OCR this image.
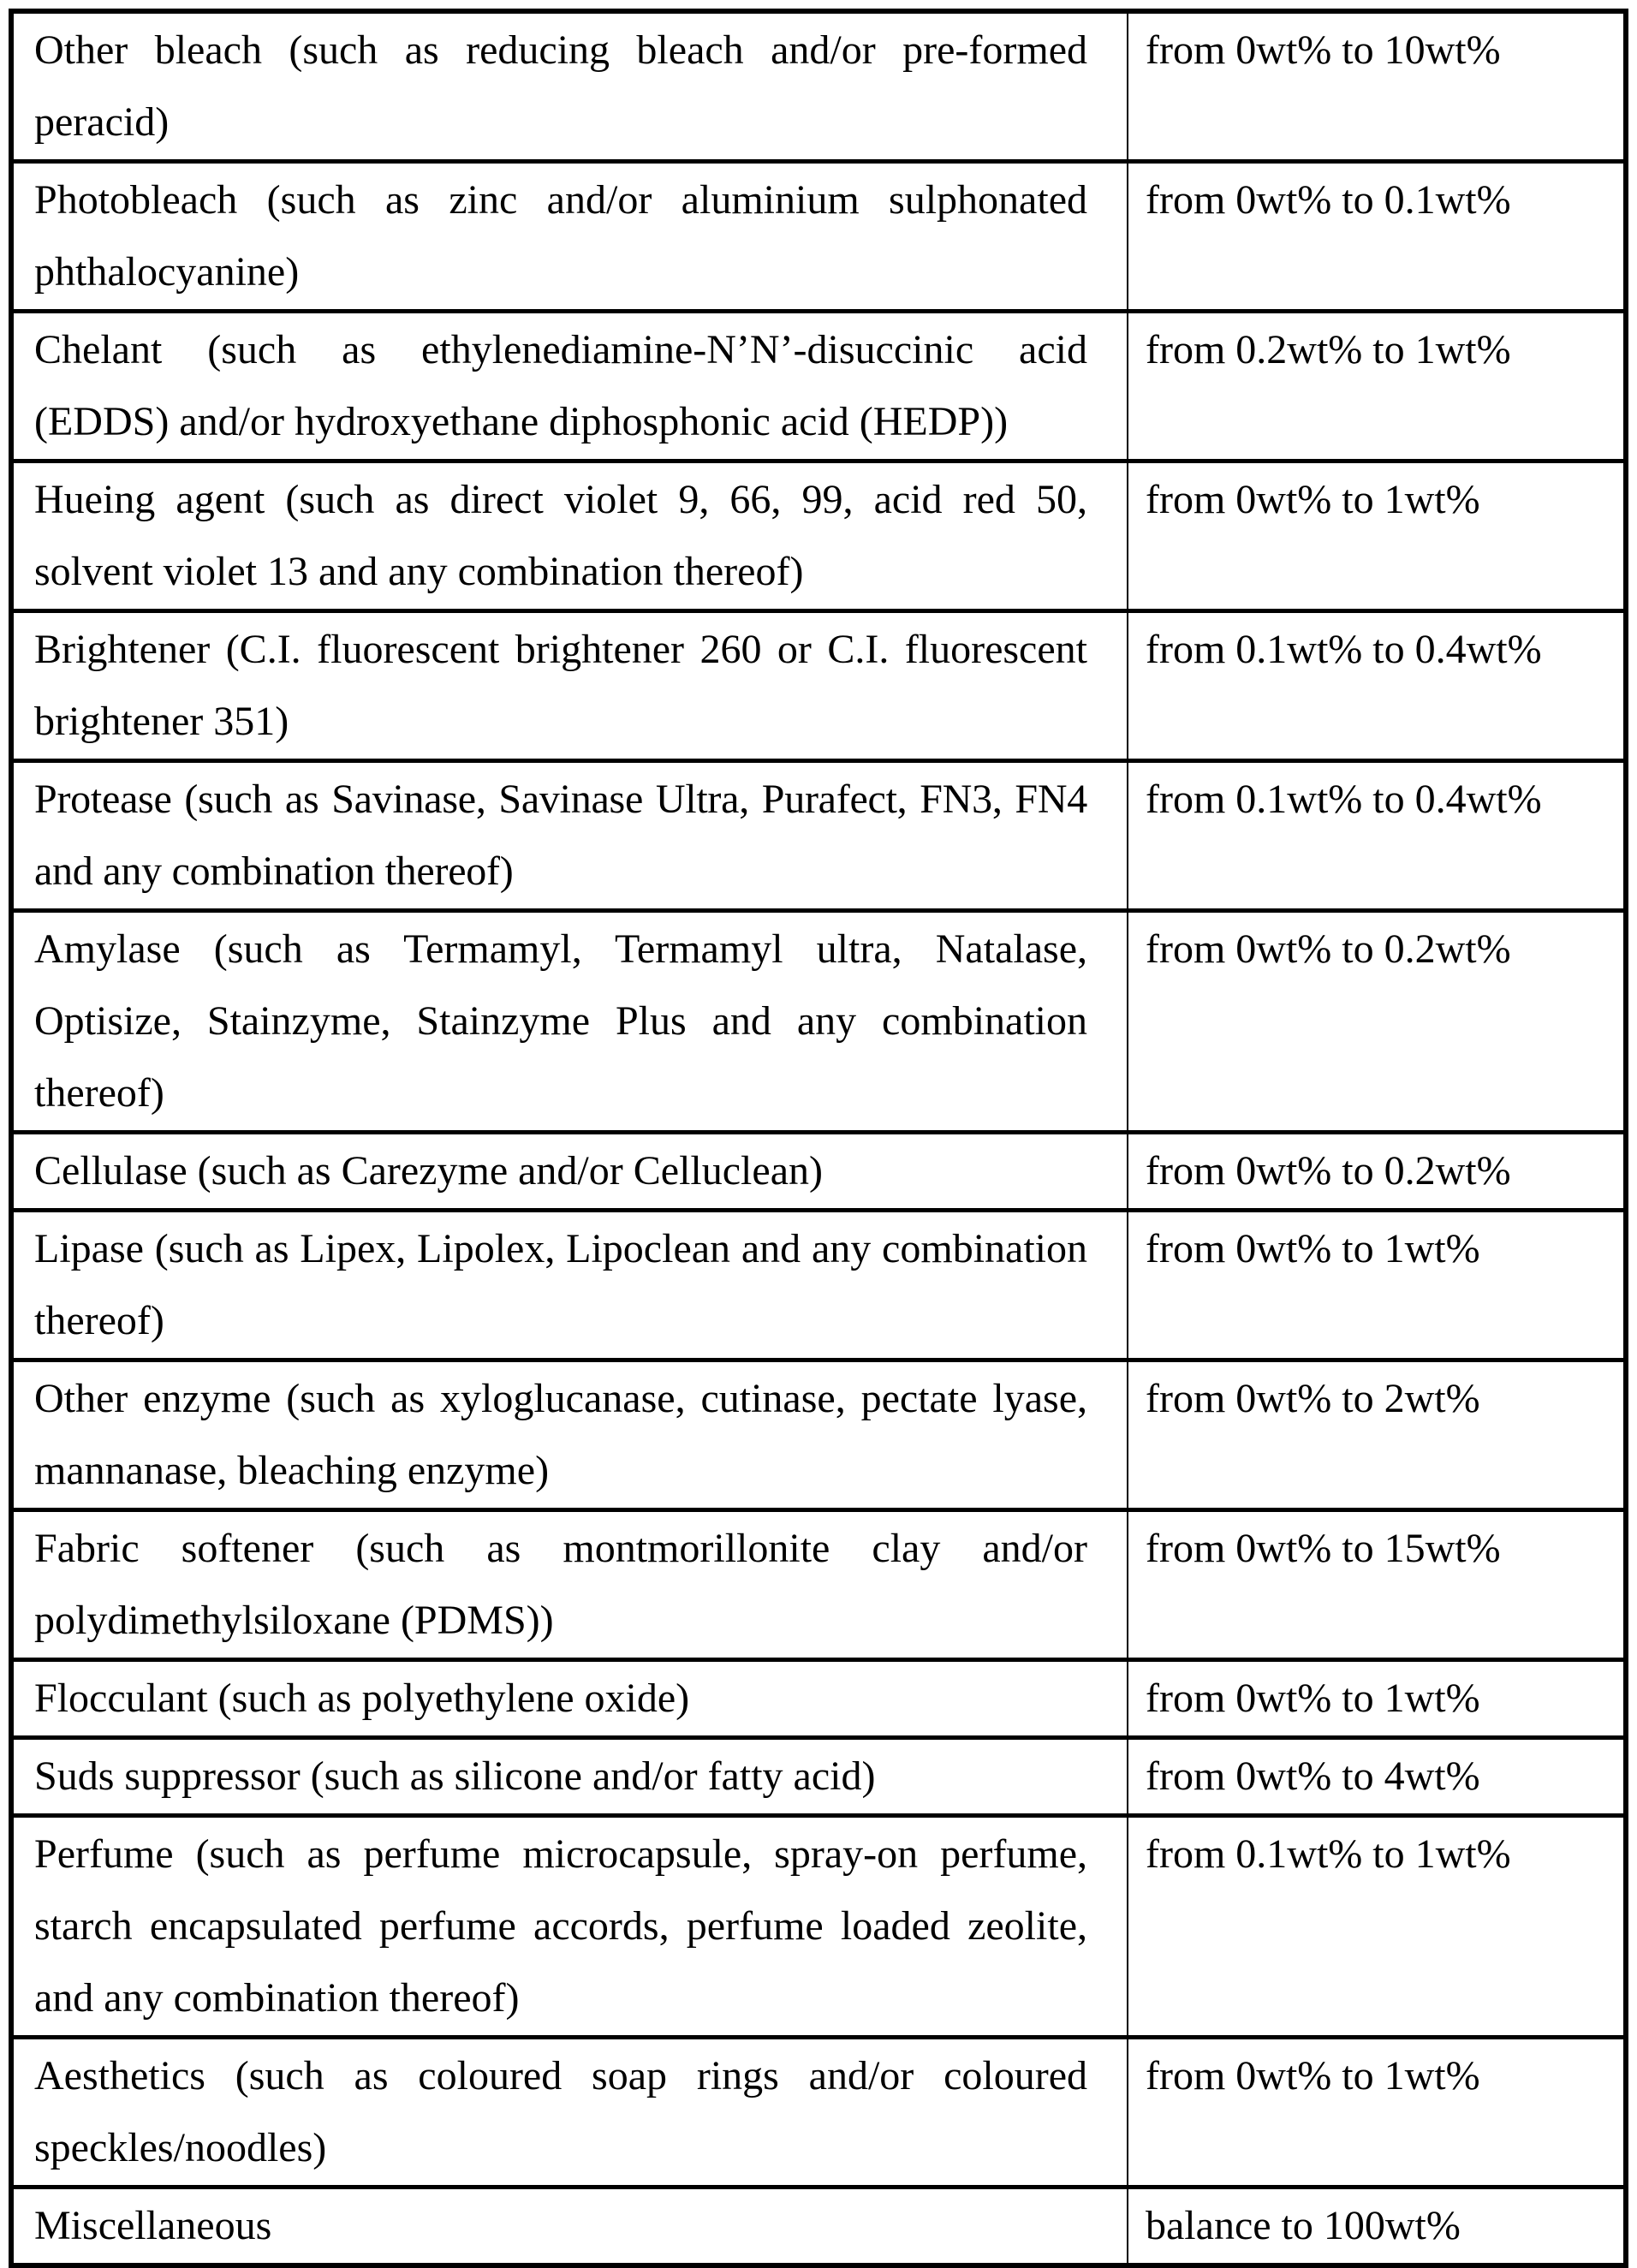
Other bleach (such as reducing bleach and/or pre-formed peracid)	from 0wt% to 10wt%
Photobleach (such as zinc and/or aluminium sulphonated phthalocyanine)	from 0wt% to 0.1wt%
Chelant (such as ethylenediamine-N’N’-disuccinic acid (EDDS) and/or hydroxyethane diphosphonic acid (HEDP))	from 0.2wt% to 1wt%
Hueing agent (such as direct violet 9, 66, 99, acid red 50, solvent violet 13 and any combination thereof)	from 0wt% to 1wt%
Brightener (C.I. fluorescent brightener 260 or C.I. fluorescent brightener 351)	from 0.1wt% to 0.4wt%
Protease (such as Savinase, Savinase Ultra, Purafect, FN3, FN4 and any combination thereof)	from 0.1wt% to 0.4wt%
Amylase (such as Termamyl, Termamyl ultra, Natalase, Optisize, Stainzyme, Stainzyme Plus and any combination thereof)	from 0wt% to 0.2wt%
Cellulase (such as Carezyme and/or Celluclean)	from 0wt% to 0.2wt%
Lipase (such as Lipex, Lipolex, Lipoclean and any combination thereof)	from 0wt% to 1wt%
Other enzyme (such as xyloglucanase, cutinase, pectate lyase, mannanase, bleaching enzyme)	from 0wt% to 2wt%
Fabric softener (such as montmorillonite clay and/or polydimethylsiloxane (PDMS))	from 0wt% to 15wt%
Flocculant (such as polyethylene oxide)	from 0wt% to 1wt%
Suds suppressor (such as silicone and/or fatty acid)	from 0wt% to 4wt%
Perfume (such as perfume microcapsule, spray-on perfume, starch encapsulated perfume accords, perfume loaded zeolite, and any combination thereof)	from 0.1wt% to 1wt%
Aesthetics (such as coloured soap rings and/or coloured speckles/noodles)	from 0wt% to 1wt%
Miscellaneous	balance to 100wt%
